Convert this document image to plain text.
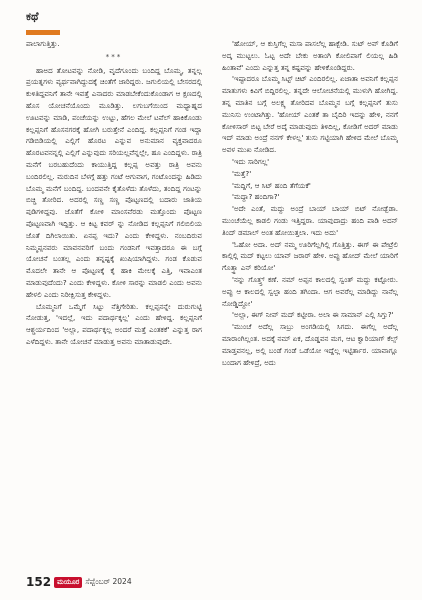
ಕಥೆ

ಪಾಲಾಗುತ್ತಿತ್ತು.

***

ಹಾಅದ ತೋಟವನ್ನು ನೋಡಿ, ವೃದೆಗೂಂದು ಬಂದಿದ್ದ ಬೊಮ್ಮ, ತನ್ನಲ್ಲ ಪ್ರಯತ್ನಗಳು ವ್ಯರ್ಥವಾಗಿದ್ದುದಕ್ಕೆ ಚಿಂತೆಗೆ ಜಾರಿದ್ದರು. ಜಗುಲಿಯಲ್ಲಿ ಬೇಸರದಲ್ಲಿ ಕುಳಿತಿದ್ದವನಿಗೆ ತಾನೇ ಇವತ್ತೆ ಎನಾದರು ಮಾಡಬೇಕೆಂದುಕೊಂಡಾಗ ಆ ಕ್ಷಣದಲ್ಲಿ ಹೊಸ ಯೋಚನೆಯೊಂದು ಮೂಡಿತ್ತು. ಲಗುಬಗೆಯಿಂದ ಮಧ್ಯಾಹ್ನದ ಊಟವನ್ನು ಮಾಡಿ, ಪಂಚೆಯನ್ನು ಉಟ್ಟು, ಹೆಗಲ ಮೇಲೆ ಟವೆಲ್ ಹಾಕಿಕೊಂಡು ಕಲ್ಲಪ್ಪನಿಗೆ ಹೊಸನಗರಕ್ಕೆ ಹೋಗಿ ಬರುತ್ತೇನೆ ಎಂದಿದ್ದ. ಕಲ್ಲಪ್ಪನಿಗೆ ಗಂಡ ಇದ್ದಾ ಗಡಿಬಿಡಿಯಲ್ಲಿ ಎಲ್ಲಿಗೆ ಹೊರಟ ಎನ್ನುವ ಅನುಮಾನ ವ್ಯಕ್ತವಾದರೂ ಹೊರಟವನನ್ನಲ್ಲಿ ಎಲ್ಲಿಗೆ ಎನ್ನುವುದು ಸರಿಯಲ್ಲವೆನ್ನಲ್ಲೇ, ಹೂ ಎಂದಿದ್ದಳು. ರಾತ್ರಿ ಮನೆಗೆ ಬರಬಹುದೆಂದು ಕಾಯುತ್ತಿದ್ದ ಕಲ್ಲಪ್ಪ ಅವತ್ತು ರಾತ್ರಿ ಅವನು ಬಂದಿರಲಿಲ್ಲ. ಮರುದಿನ ಬೆಳಗ್ಗೆ ಹತ್ತು ಗಂಟೆ ಆಗುವಾಗ, ಗಂಟೊಂದನ್ನು ಹಿಡಿದು ಬೊಮ್ಮ ಮನೆಗೆ ಬಂದಿದ್ದ. ಬಂದವನೇ ಕೈತೊಳೆದು ತೊಳೆದು, ತಂದಿದ್ದ ಗಂಟನ್ನು ಬಿಚ್ಚಿ ತೋರಿದ. ಅದರಲ್ಲಿ ಸಣ್ಣ ಸಣ್ಣ ಪೊಟ್ಟಣದಲ್ಲಿ ಬದಾರು ಜಾತಿಯ ಪುಡಿಗಳಿದ್ದವು. ಜೊತೆಗೆ ಕೋಳಿ ಮಾಂಸವೆರಡು ಮತ್ತೊಂದು ಪೊಟ್ಟಣ ಪೊಟ್ಟಣವಾಗಿ ಇದ್ದಿತ್ತು. ಆ ಕಿಟ್ಟ ಕವರ್ ನ್ನು ನೋಡಿದ ಕಲ್ಲಪ್ಪನಿಗೆ ಗಲಿಬಿಲಿಯ ಜೊತೆ ದಿಗಿಲಾಯಿತು. ಏನಪ್ಪ ಇದು? ಎಂದು ಕೇಳಿದ್ದಳು. ನಂಬದಿರುವ ನಿಮ್ಮಪ್ಪನವರು ಮಾವನವರಿಗೆ ಬಂದು ಗಂಡನಿಗೆ ಇವತ್ತಾದರೂ ಈ ಬಗ್ಗೆ ಯೋಚನೆ ಬಂತಲ್ಲ ಎಂದು ತನ್ನಷ್ಟಕ್ಕೆ ಖುಷಿಯಾಗಿದ್ದಳು. ಗಂಡ ಕೊಡುವ ಮೊದಲೇ ತಾನೇ ಆ ಪೊಟ್ಟಣಕ್ಕೆ ಕೈ ಹಾಕಿ ಮೇಲಕ್ಕೆ ಎತ್ತಿ, ಇವಾಎಂತ ಮಾಡುವುದೆಂದು? ಎಂದು ಕೇಳಿದ್ದಳು. ಕೋಳಿ ಸಾರನ್ನು ಮಾಡಲಿ ಎಂದು ಅವನು ಹೇಳಲಿ ಎಂದು ನಿರೀಕ್ಷಿಸುತ್ತ ಕೇಳಿದ್ದಳು.

ಬೊಮ್ಮನಿಗೆ ಒಮ್ಮೆಗೆ ಸಿಟ್ಟು ನೆತ್ತಿಗೇರಿತು. ಕಲ್ಲಪ್ಪನನ್ನೇ ದುರುಗುಟ್ಟಿ ನೋಡುತ್ತ, 'ಇದಲ್ಲೆ, ಇದು ಪದಾರ್ಥಕ್ಕಲ್ಲ' ಎಂದು ಹೇಳಿದ್ದ. ಕಲ್ಲಪ್ಪನಿಗೆ ಆಶ್ಚರ್ಯದಿಂದ 'ಅಲ್ಲಾ, ಪದಾರ್ಥಕ್ಕಲ್ಲ ಅಂದರೆ ಮತ್ತೆ ಎಂತಕಕೆ' ಎನ್ನುತ್ತ ರಾಗ ಎಳೆದಿದ್ದಳು. ತಾನೇ ಯೋಚನೆ ಮಾಡುತ್ತ ಅವನು ಮಾತಾಡುವುದೇ.

'ಹೋಯ್, ಆ ಕುಸ್ತಿಗೆಲ್ಲ ಮಸಾ ಪಾಸಲೆಲ್ಲ ಹಾಕ್ಬೇಡಿ. ಸುಟ್ ಅವ್ ಕೊಡಿಗೆ ಅದ್ಕ ಮುಟ್ಟಲು. ಓಟ್ಟ ಅದೇ ಬೇಕು ಅತಾಂಗಿ ಕೋಲಿಪಾಗೆ ಲಿಯಲ್ಲ ಹಿಡಿ ಹಿಂತಾವೆ' ಎಂದು ಎನ್ನುತ್ತ ತನ್ನ ಕಷ್ಟವನ್ನು ಹೇಳಿಕೊಂಡಿದ್ದರು.

'ಇಷ್ಟಾದರೂ ಬೊಮ್ಮ ಸಿಟ್ಟ್ ಚಿಟ್ ಎಂದಿರಲಿಲ್ಲ. ಏಜಾತಾ ಅವನಿಗೆ ಕಲ್ಲಪ್ಪನ ಮಾತುಗಳು ಕಿವಿಗೆ ಬಿದ್ದಿರಲಿಲ್ಲ. ತನ್ನದೇ ಆಲೋಚನೆಯಲ್ಲಿ ಮುಳುಗಿ ಹೋಗಿದ್ದ. ತನ್ನ ಮಾತಿನ ಬಗ್ಗೆ ಅಲಕ್ಷ್ಯ ತೋರಿದವ ಬೊಮ್ಮನ ಬಗ್ಗೆ ಕಲ್ಲಪ್ಪನಿಗೆ ತುಸು ಮುನಿಸು ಉಂಟಾಗಿತ್ತು. 'ಹೋಯ್ ಎಂತಕೆ ತಾ ಬೈದಿರಿ ಇದನ್ನು ಹೇಳಿ, ನನಗೆ ಕೋಳಿಸಾರ್ ಬಿಟ್ಟ ಬೇರೆ ಅದ್ಕೆ ಮಾಡುವುದು ತಿಳಿದಿಲ್ಲ, ಕೋಡಿಗೆ ಅದರ್ ಮಾಡು ಇದ್ ಮಾಡು ಅಂದ್ರೆ ನನಗ್ ಕೇಳಲ್ಲ' ತುಸು ಗಟ್ಟಿಯಾಗಿ ಹೇಳಿದ ಮೇಲೆ ಬೊಮ್ಮ ಅವಳ ಮುಖ ನೋಡಿದ.

'ಇದು ಸಾರಿಗಲ್ಲ'

'ಮತ್ತೆ?'

'ಮದ್ದಿಗೆ, ಆ ಸಿಟ್ ಹಂದಿ ತೆಗೆಯಕೆ'

'ಮದ್ದಾ? ಹಂದಿಗಾ?'

'ಅದೇ ಎಂತೆ, ಮದ್ದು ಅಂದ್ರೆ ಬಾಯ್ ಬಾಯ್ ಬಿಟ್ ನೋಡ್ಬೆಡಾ. ಮುಂಚೆಯೆಲ್ಲ ಕಾಡಲಿ ಗಂಡು ಇತ್ತಿದ್ದರಾ. ಯಾವುದಾದ್ರು ಹಂದಿ ಪಾಡಿ ಅದನ್ ತಿಂದ್ ಡಮಾಲ್ ಅಂತ ಹೋಯಿತ್ತಲಾ. ಇದು ಅದು'

'ಓಹೋ ಅದಾ. ಅದ್ ನಮ್ಮ ಊರಿಗೆಲ್ಲಗಿಲ್ಲಿ ಗೊತ್ತಿತ್ತು. ಈಗ್ ಈ ಪೇಟ್ರೆಲಿ ಕಾಲ್ಗಿಲ್ಲಿ ಮದ್ ಕಟ್ಟಲು ಯಾವ್ ಜರಾರ್ ಹೇಳಿ. ಅಪ್ಪು ಹೋದ್ ಮೇಲೆ ಯಾರಿಗೆ ಗೊತ್ತ್ತಾ ಎನ್ ಕರಿಯೋ'

'ನನ್ನು ಗೊತ್ತ್ತ್ ಕಣೆ. ನಮ್ ಅಪ್ಪನ ಕಾಲದಲ್ಲಿ ಸ್ವಂತ್ ಮದ್ದು ಕಟ್ಟೋರು. ಅಪ್ಪು ಆ ಕಾಲದಲ್ಲಿ ಸ್ವಲ್ಪಾ ಹಂದಿ ತಗಿಂದಾ. ಆಗ ಅವರೆಲ್ಲ ಮಾಡಿದ್ದು ನಾನೆಲ್ಲ ನೋಡ್ಡಿದ್ದೋ'

'ಅಲ್ಲಾ, ಈಗ್ ನೀವ್ ಮದ್ ಕಟ್ಟೀರಾ. ಅಲಾ ಈ ಸಾಮಾನ್ ಎಲ್ಲಿ ಸಿಗ್ತು?'

'ಮುಂಚೆ ಅದೆಲ್ಲ ಸಾಬ್ರು ಅಂಗಡಿಯಲ್ಲಿ ಸಿಗದು. ಈಗೆಲ್ಲ ಅದೆಲ್ಲ ಮಾರಾಂಗಿಲ್ಲಂತ. ಅದಕ್ಕೆ ನಮ್ ಏಕ, ದೊಡ್ಡವನ ಮಗ, ಆಟ ಕ್ವಾರಿಯಾಗ್ ಕೆಲ್ಸ್ ಮಾಡ್ತವನಲ್ಲ, ಅಲ್ಲಿ ಬಂಡೆ ಗಂಡೆ ಒಡೆಯೋ ಇದ್ದೆಲ್ಲ ಇಟ್ಟಿರ್ತಾರ. ಯಾವಾಗ್ಲೂ ಬಂದಾಗ ಹೇಳಿದ್ರೆ, ಅದು

152 ಮಯೂರ ಸೆಪ್ಟೆಂಬರ್ 2024
